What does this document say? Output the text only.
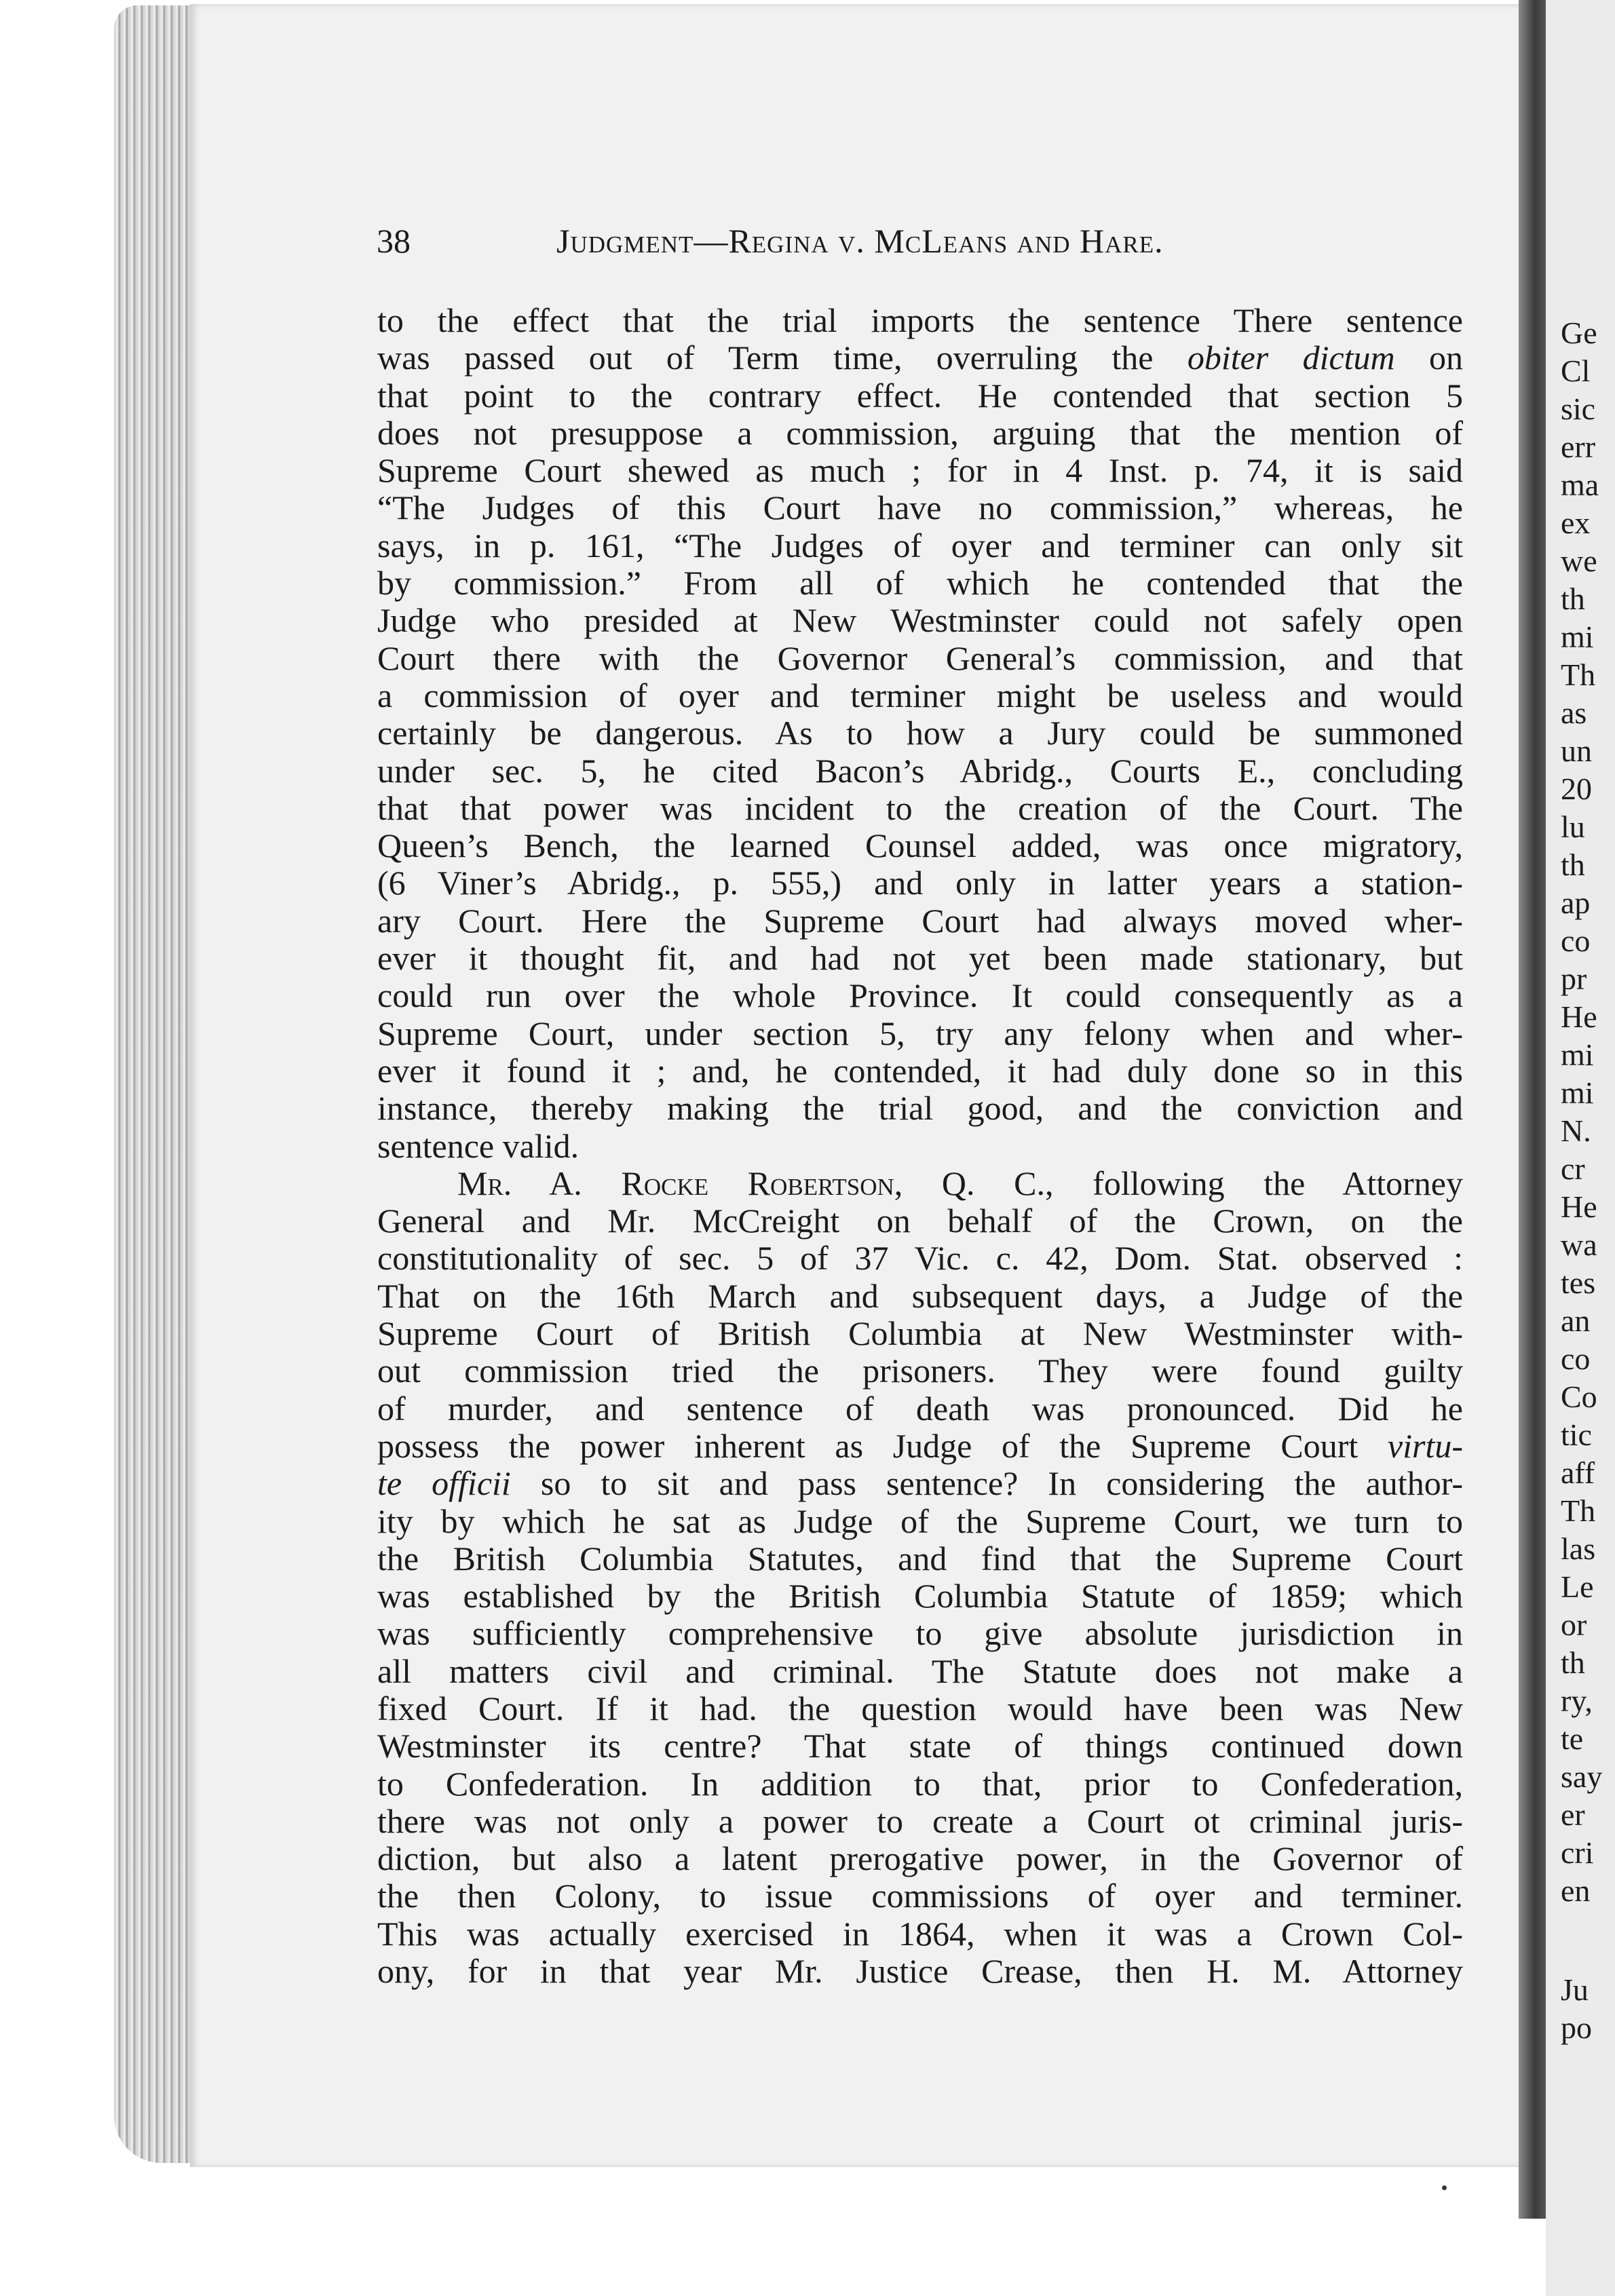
Ge
Cl
sic
err
ma
ex
we
th
mi
Th
as
un
20
lu
th
ap
co
pr
He
mi
mi
N.
cr
He
wa
tes
an
co
Co
tic
aff
Th
las
Le
or
th
ry,
te
say
er
cri
en
Ju
po
38	Judgment—Regina v. McLeans and Hare.
to the effect that the trial imports the sentence There sentence
was passed out of Term time, overruling the obiter dictum on
that point to the contrary effect. He contended that section 5
does not presuppose a commission, arguing that the mention of
Supreme Court shewed as much ; for in 4 Inst. p. 74, it is said
“The Judges of this Court have no commission,” whereas, he
says, in p. 161, “The Judges of oyer and terminer can only sit
by commission.” From all of which he contended that the
Judge who presided at New Westminster could not safely open
Court there with the Governor General’s commission, and that
a commission of oyer and terminer might be useless and would
certainly be dangerous. As to how a Jury could be summoned
under sec. 5, he cited Bacon’s Abridg., Courts E., concluding
that that power was incident to the creation of the Court. The
Queen’s Bench, the learned Counsel added, was once migratory,
(6 Viner’s Abridg., p. 555,) and only in latter years a station-
ary Court. Here the Supreme Court had always moved wher-
ever it thought fit, and had not yet been made stationary, but
could run over the whole Province. It could consequently as a
Supreme Court, under section 5, try any felony when and wher-
ever it found it ; and, he contended, it had duly done so in this
instance, thereby making the trial good, and the conviction and
sentence valid.
Mr. A. Rocke Robertson, Q. C., following the Attorney
General and Mr. McCreight on behalf of the Crown, on the
constitutionality of sec. 5 of 37 Vic. c. 42, Dom. Stat. observed :
That on the 16th March and subsequent days, a Judge of the
Supreme Court of British Columbia at New Westminster with-
out commission tried the prisoners. They were found guilty
of murder, and sentence of death was pronounced. Did he
possess the power inherent as Judge of the Supreme Court virtu-
te officii so to sit and pass sentence? In considering the author-
ity by which he sat as Judge of the Supreme Court, we turn to
the British Columbia Statutes, and find that the Supreme Court
was established by the British Columbia Statute of 1859; which
was sufficiently comprehensive to give absolute jurisdiction in
all matters civil and criminal. The Statute does not make a
fixed Court. If it had. the question would have been was New
Westminster its centre? That state of things continued down
to Confederation. In addition to that, prior to Confederation,
there was not only a power to create a Court ot criminal juris-
diction, but also a latent prerogative power, in the Governor of
the then Colony, to issue commissions of oyer and terminer.
This was actually exercised in 1864, when it was a Crown Col-
ony, for in that year Mr. Justice Crease, then H. M. Attorney
